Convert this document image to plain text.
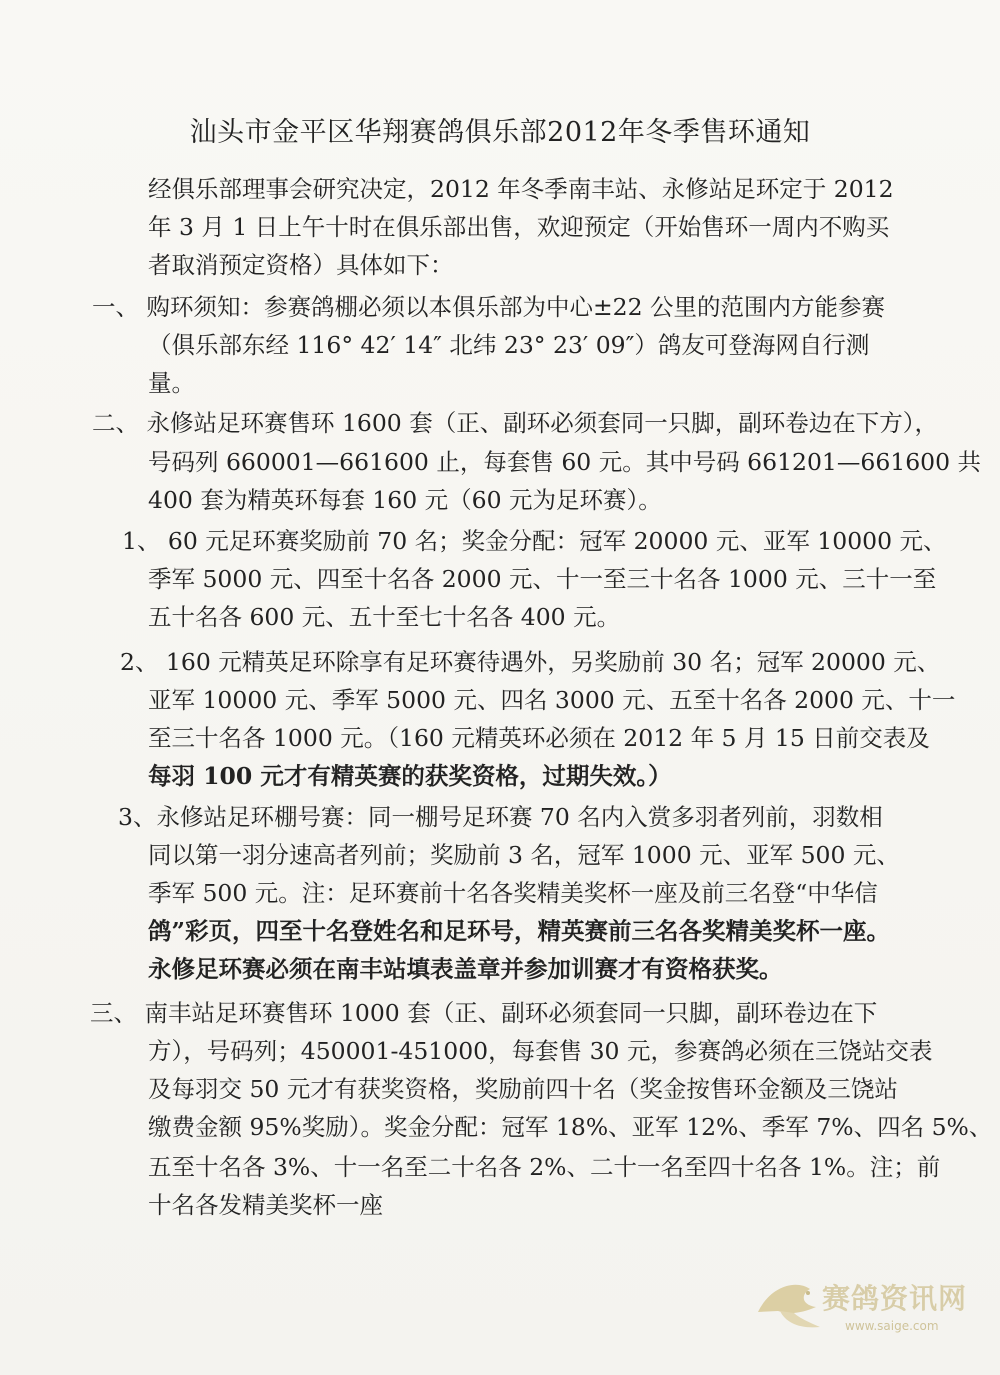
汕头市金平区华翔赛鸽俱乐部2012年冬季售环通知
经俱乐部理事会研究决定，2012 年冬季南丰站、永修站足环定于 2012
年 3 月 1 日上午十时在俱乐部出售，欢迎预定（开始售环一周内不购买
者取消预定资格）具体如下：
一、 购环须知：参赛鸽棚必须以本俱乐部为中心±22 公里的范围内方能参赛
（俱乐部东经 116° 42′ 14″ 北纬 23° 23′ 09″）鸽友可登海网自行测
量。
二、 永修站足环赛售环 1600 套（正、副环必须套同一只脚，副环卷边在下方），
号码列 660001—661600 止，每套售 60 元。其中号码 661201—661600 共
400 套为精英环每套 160 元（60 元为足环赛）。
1、 60 元足环赛奖励前 70 名；奖金分配：冠军 20000 元、亚军 10000 元、
季军 5000 元、四至十名各 2000 元、十一至三十名各 1000 元、三十一至
五十名各 600 元、五十至七十名各 400 元。
2、 160 元精英足环除享有足环赛待遇外，另奖励前 30 名；冠军 20000 元、
亚军 10000 元、季军 5000 元、四名 3000 元、五至十名各 2000 元、十一
至三十名各 1000 元。（160 元精英环必须在 2012 年 5 月 15 日前交表及
每羽 100 元才有精英赛的获奖资格，过期失效。）
3、永修站足环棚号赛：同一棚号足环赛 70 名内入赏多羽者列前，羽数相
同以第一羽分速高者列前；奖励前 3 名，冠军 1000 元、亚军 500 元、
季军 500 元。注：足环赛前十名各奖精美奖杯一座及前三名登“中华信
鸽”彩页，四至十名登姓名和足环号，精英赛前三名各奖精美奖杯一座。
永修足环赛必须在南丰站填表盖章并参加训赛才有资格获奖。
三、 南丰站足环赛售环 1000 套（正、副环必须套同一只脚，副环卷边在下
方），号码列；450001-451000，每套售 30 元，参赛鸽必须在三饶站交表
及每羽交 50 元才有获奖资格，奖励前四十名（奖金按售环金额及三饶站
缴费金额 95%奖励）。奖金分配：冠军 18%、亚军 12%、季军 7%、四名 5%、
五至十名各 3%、十一名至二十名各 2%、二十一名至四十名各 1%。注；前
十名各发精美奖杯一座
赛鸽资讯网
www.saige.com
